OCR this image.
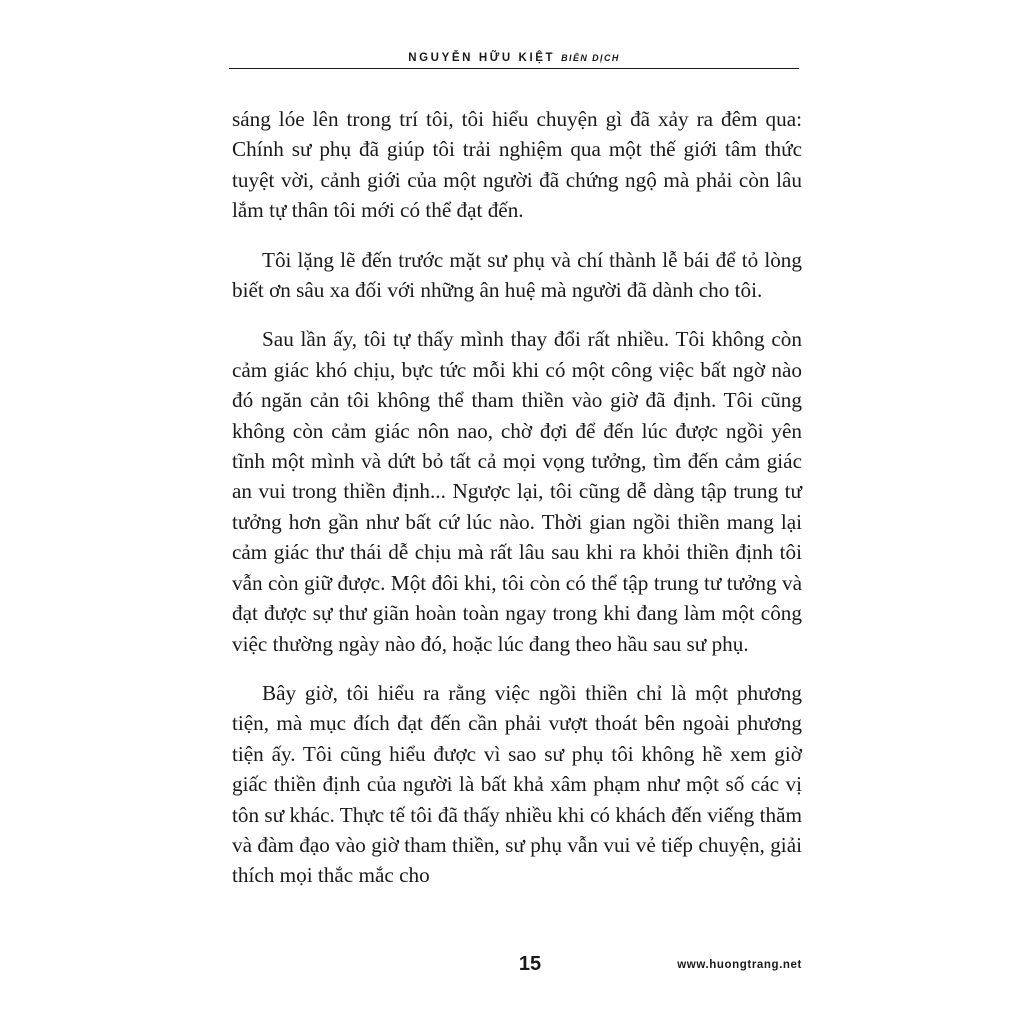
NGUYỄN HỮU KIỆT BIÊN DỊCH

sáng lóe lên trong trí tôi, tôi hiểu chuyện gì đã xảy ra đêm qua: Chính sư phụ đã giúp tôi trải nghiệm qua một thế giới tâm thức tuyệt vời, cảnh giới của một người đã chứng ngộ mà phải còn lâu lắm tự thân tôi mới có thể đạt đến.

Tôi lặng lẽ đến trước mặt sư phụ và chí thành lễ bái để tỏ lòng biết ơn sâu xa đối với những ân huệ mà người đã dành cho tôi.

Sau lần ấy, tôi tự thấy mình thay đổi rất nhiều. Tôi không còn cảm giác khó chịu, bực tức mỗi khi có một công việc bất ngờ nào đó ngăn cản tôi không thể tham thiền vào giờ đã định. Tôi cũng không còn cảm giác nôn nao, chờ đợi để đến lúc được ngồi yên tĩnh một mình và dứt bỏ tất cả mọi vọng tưởng, tìm đến cảm giác an vui trong thiền định... Ngược lại, tôi cũng dễ dàng tập trung tư tưởng hơn gần như bất cứ lúc nào. Thời gian ngồi thiền mang lại cảm giác thư thái dễ chịu mà rất lâu sau khi ra khỏi thiền định tôi vẫn còn giữ được. Một đôi khi, tôi còn có thể tập trung tư tưởng và đạt được sự thư giãn hoàn toàn ngay trong khi đang làm một công việc thường ngày nào đó, hoặc lúc đang theo hầu sau sư phụ.

Bây giờ, tôi hiểu ra rằng việc ngồi thiền chỉ là một phương tiện, mà mục đích đạt đến cần phải vượt thoát bên ngoài phương tiện ấy. Tôi cũng hiểu được vì sao sư phụ tôi không hề xem giờ giấc thiền định của người là bất khả xâm phạm như một số các vị tôn sư khác. Thực tế tôi đã thấy nhiều khi có khách đến viếng thăm và đàm đạo vào giờ tham thiền, sư phụ vẫn vui vẻ tiếp chuyện, giải thích mọi thắc mắc cho

15	www.huongtrang.net
